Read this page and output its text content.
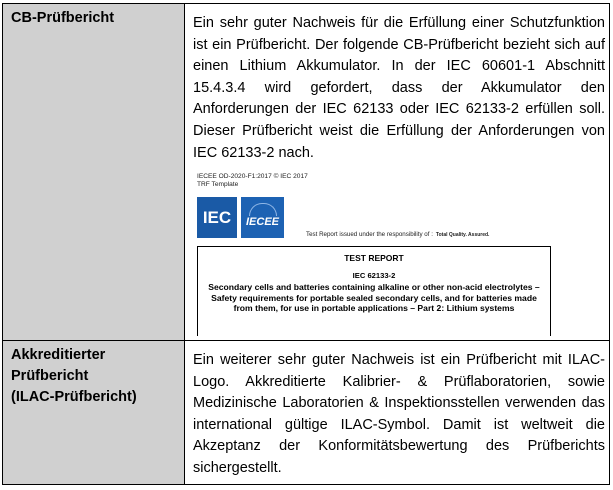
CB-Prüfbericht	Ein sehr guter Nachweis für die Erfüllung einer Schutzfunktion ist ein Prüfbericht. Der folgende CB-Prüfbericht bezieht sich auf einen Lithium Akkumulator. In der IEC 60601-1 Abschnitt 15.4.3.4 wird gefordert, dass der Akkumulator den Anforderungen der IEC 62133 oder IEC 62133-2 erfüllen soll. Dieser Prüfbericht weist die Erfüllung der Anforderungen von IEC 62133-2 nach.

Akkreditierter

Prüfbericht

(ILAC-Prüfbericht)

Ein weiterer sehr guter Nachweis ist ein Prüfbericht mit ILAC-Logo. Akkreditierte Kalibrier- & Prüflaboratorien, sowie Medizinische Laboratorien & Inspektionsstellen verwenden das international gültige ILAC-Symbol. Damit ist weltweit die Akzeptanz der Konformitätsbewertung des Prüfberichts sichergestellt.

IECEE OD-2020-F1:2017 © IEC 2017
TRF Template
IEC IECEE
Test Report issued under the responsibility of : Total Quality. Assured.
TEST REPORT
IEC 62133-2
Secondary cells and batteries containing alkaline or other non-acid electrolytes – Safety requirements for portable sealed secondary cells, and for batteries made from them, for use in portable applications – Part 2: Lithium systems
